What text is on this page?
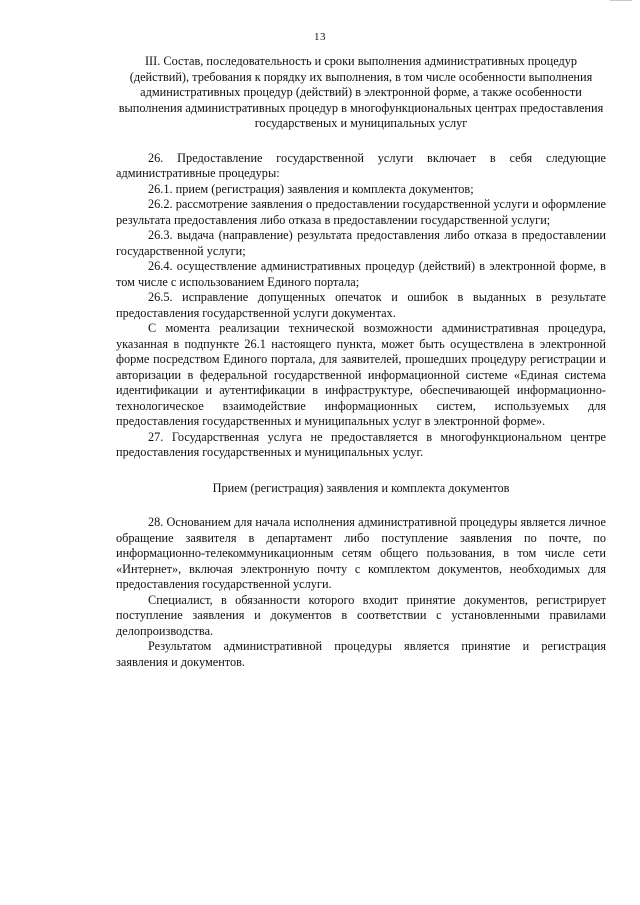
13

III. Состав, последовательность и сроки выполнения административных процедур (действий), требования к порядку их выполнения, в том числе особенности выполнения административных процедур (действий) в электронной форме, а также особенности выполнения административных процедур в многофункциональных центрах предоставления государственых и муниципальных услуг

26. Предоставление государственной услуги включает в себя следующие административные процедуры:

26.1. прием (регистрация) заявления и комплекта документов;

26.2. рассмотрение заявления о предоставлении государственной услуги и оформление результата предоставления либо отказа в предоставлении государственной услуги;

26.3. выдача (направление) результата предоставления либо отказа в предоставлении государственной услуги;

26.4. осуществление административных процедур (действий) в электронной форме, в том числе с использованием Единого портала;

26.5. исправление допущенных опечаток и ошибок в выданных в результате предоставления государственной услуги документах.

С момента реализации технической возможности административная процедура, указанная в подпункте 26.1 настоящего пункта, может быть осуществлена в электронной форме посредством Единого портала, для заявителей, прошедших процедуру регистрации и авторизации в федеральной государственной информационной системе «Единая система идентификации и аутентификации в инфраструктуре, обеспечивающей информационно-технологическое взаимодействие информационных систем, используемых для предоставления государственных и муниципальных услуг в электронной форме».

27. Государственная услуга не предоставляется в многофункциональном центре предоставления государственных и муниципальных услуг.

Прием (регистрация) заявления и комплекта документов

28. Основанием для начала исполнения административной процедуры является личное обращение заявителя в департамент либо поступление заявления по почте, по информационно-телекоммуникационным сетям общего пользования, в том числе сети «Интернет», включая электронную почту с комплектом документов, необходимых для предоставления государственной услуги.

Специалист, в обязанности которого входит принятие документов, регистрирует поступление заявления и документов в соответствии с установленными правилами делопроизводства.

Результатом административной процедуры является принятие и регистрация заявления и документов.
